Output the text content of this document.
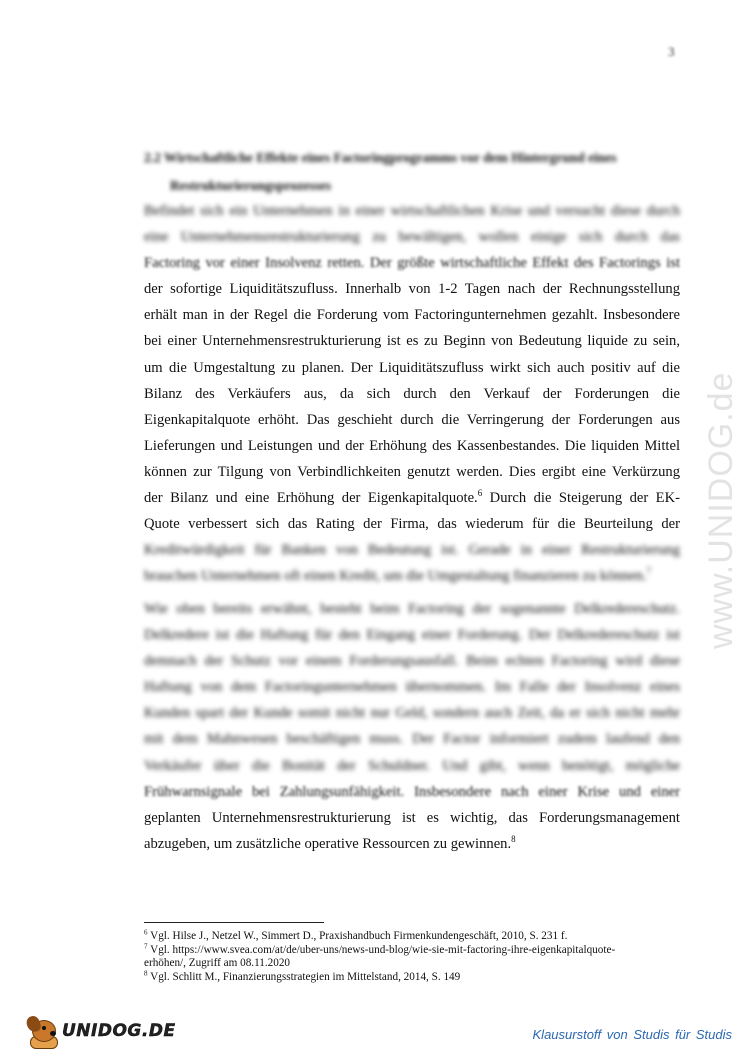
3
2.2 Wirtschaftliche Effekte eines Factoringprogramms vor dem Hintergrund eines
Restrukturierungsprozesses
Befindet sich ein Unternehmen in einer wirtschaftlichen Krise und versucht diese durch
eine Unternehmensrestrukturierung zu bewältigen, wollen einige sich durch das
Factoring vor einer Insolvenz retten. Der größte wirtschaftliche Effekt des Factorings ist
der sofortige Liquiditätszufluss. Innerhalb von 1-2 Tagen nach der Rechnungsstellung
erhält man in der Regel die Forderung vom Factoringunternehmen gezahlt. Insbesondere
bei einer Unternehmensrestrukturierung ist es zu Beginn von Bedeutung liquide zu sein,
um die Umgestaltung zu planen. Der Liquiditätszufluss wirkt sich auch positiv auf die
Bilanz des Verkäufers aus, da sich durch den Verkauf der Forderungen die
Eigenkapitalquote erhöht. Das geschieht durch die Verringerung der Forderungen aus
Lieferungen und Leistungen und der Erhöhung des Kassenbestandes. Die liquiden Mittel
können zur Tilgung von Verbindlichkeiten genutzt werden. Dies ergibt eine Verkürzung
der Bilanz und eine Erhöhung der Eigenkapitalquote.$^6$ Durch die Steigerung der EK-
Quote verbessert sich das Rating der Firma, das wiederum für die Beurteilung der
Kreditwürdigkeit für Banken von Bedeutung ist. Gerade in einer Restrukturierung
brauchen Unternehmen oft einen Kredit, um die Umgestaltung finanzieren zu können.$^7$
Wie oben bereits erwähnt, besteht beim Factoring der sogenannte Delkredereschutz.
Delkredere ist die Haftung für den Eingang einer Forderung. Der Delkredereschutz ist
demnach der Schutz vor einem Forderungsausfall. Beim echten Factoring wird diese
Haftung von dem Factoringunternehmen übernommen. Im Falle der Insolvenz eines
Kunden spart der Kunde somit nicht nur Geld, sondern auch Zeit, da er sich nicht mehr
mit dem Mahnwesen beschäftigen muss. Der Factor informiert zudem laufend den
Verkäufer über die Bonität der Schuldner. Und gibt, wenn benötigt, mögliche
Frühwarnsignale bei Zahlungsunfähigkeit. Insbesondere nach einer Krise und einer
geplanten Unternehmensrestrukturierung ist es wichtig, das Forderungsmanagement
abzugeben, um zusätzliche operative Ressourcen zu gewinnen.$^8$
www.UNIDOG.de
$^6$ Vgl. Hilse J., Netzel W., Simmert D., Praxishandbuch Firmenkundengeschäft, 2010, S. 231 f.
$^7$ Vgl. https://www.svea.com/at/de/uber-uns/news-und-blog/wie-sie-mit-factoring-ihre-eigenkapitalquote-
erhöhen/, Zugriff am 08.11.2020
$^8$ Vgl. Schlitt M., Finanzierungsstrategien im Mittelstand, 2014, S. 149
UNIDOG.DE	Klausurstoff von Studis für Studis
